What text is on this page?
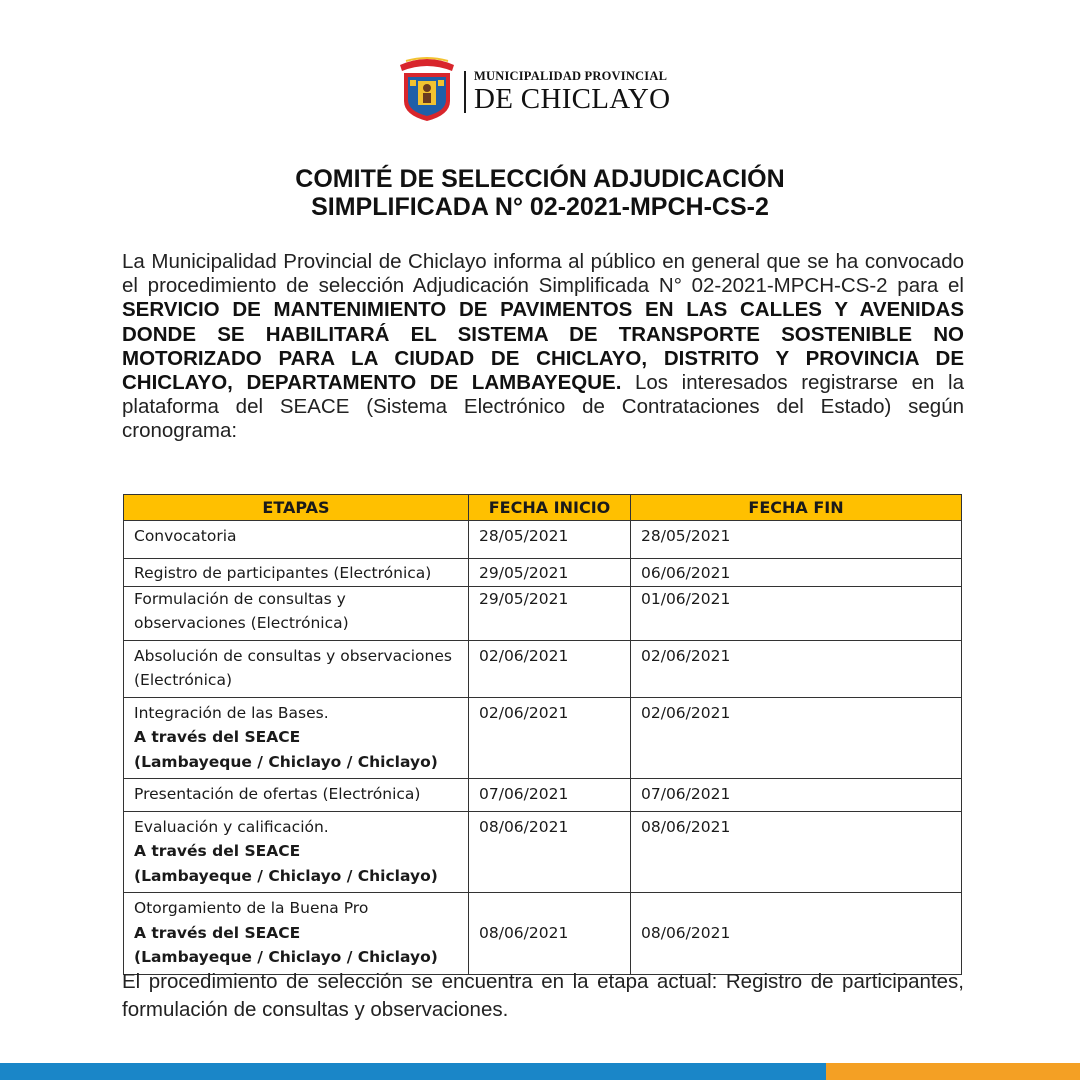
MUNICIPALIDAD PROVINCIAL
DE CHICLAYO
COMITÉ DE SELECCIÓN ADJUDICACIÓN
SIMPLIFICADA N° 02-2021-MPCH-CS-2

La Municipalidad Provincial de Chiclayo informa al público en general que se ha convocado el procedimiento de selección Adjudicación Simplificada N° 02-2021-MPCH-CS-2 para el SERVICIO DE MANTENIMIENTO DE PAVIMENTOS EN LAS CALLES Y AVENIDAS DONDE SE HABILITARÁ EL SISTEMA DE TRANSPORTE SOSTENIBLE NO MOTORIZADO PARA LA CIUDAD DE CHICLAYO, DISTRITO Y PROVINCIA DE CHICLAYO, DEPARTAMENTO DE LAMBAYEQUE. Los interesados registrarse en la plataforma del SEACE (Sistema Electrónico de Contrataciones del Estado) según cronograma:

ETAPAS	FECHA INICIO	FECHA FIN
Convocatoria	28/05/2021	28/05/2021
Registro de participantes (Electrónica)	29/05/2021	06/06/2021
Formulación de consultas y observaciones (Electrónica)	29/05/2021	01/06/2021
Absolución de consultas y observaciones (Electrónica)	02/06/2021	02/06/2021

Integración de las Bases.
A través del SEACE
(Lambayeque / Chiclayo / Chiclayo)	02/06/2021	02/06/2021
Presentación de ofertas (Electrónica)	07/06/2021	07/06/2021

Evaluación y calificación.
A través del SEACE
(Lambayeque / Chiclayo / Chiclayo)	08/06/2021	08/06/2021

Otorgamiento de la Buena Pro
A través del SEACE
(Lambayeque / Chiclayo / Chiclayo)	08/06/2021	08/06/2021

El procedimiento de selección se encuentra en la etapa actual: Registro de participantes, formulación de consultas y observaciones.
